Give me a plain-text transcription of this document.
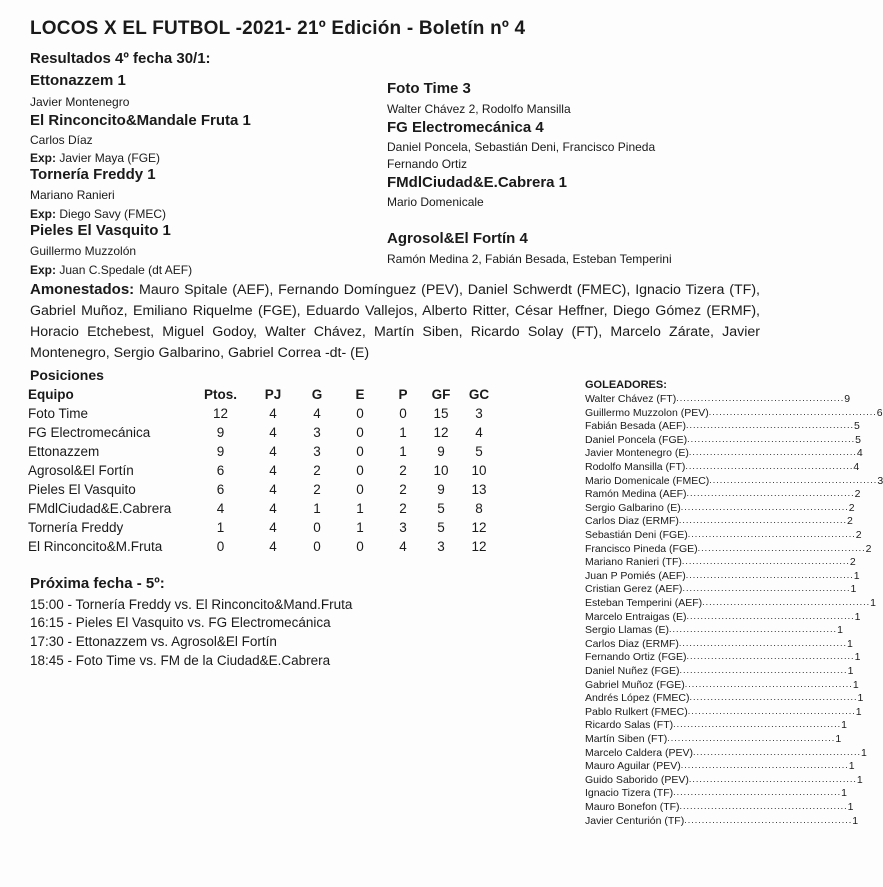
LOCOS X EL FUTBOL -2021- 21º Edición - Boletín nº 4
Resultados 4º fecha 30/1:
Ettonazzem 1
Javier Montenegro
El Rinconcito&Mandale Fruta 1
Carlos Díaz
Exp: Javier Maya (FGE)
Tornería Freddy 1
Mariano Ranieri
Exp: Diego Savy (FMEC)
Pieles El Vasquito 1
Guillermo Muzzolón
Exp: Juan C.Spedale (dt AEF)
Foto Time 3
Walter Chávez 2, Rodolfo Mansilla
FG Electromecánica 4
Daniel Poncela, Sebastián Deni, Francisco Pineda
Fernando Ortiz
FMdlCiudad&E.Cabrera 1
Mario Domenicale
Agrosol&El Fortín 4
Ramón Medina 2, Fabián Besada, Esteban Temperini
Amonestados: Mauro Spitale (AEF), Fernando Domínguez (PEV), Daniel Schwerdt (FMEC), Ignacio Tizera (TF), Gabriel Muñoz, Emiliano Riquelme (FGE), Eduardo Vallejos, Alberto Ritter, César Heffner, Diego Gómez (ERMF), Horacio Etchebest, Miguel Godoy, Walter Chávez, Martín Siben, Ricardo Solay (FT), Marcelo Zárate, Javier Montenegro, Sergio Galbarino, Gabriel Correa -dt- (E)
Posiciones
Equipo	Ptos.	PJ	G	E	P	GF	GC
Foto Time	12	4	4	0	0	15	3
FG Electromecánica	9	4	3	0	1	12	4
Ettonazzem	9	4	3	0	1	9	5
Agrosol&El Fortín	6	4	2	0	2	10	10
Pieles El Vasquito	6	4	2	0	2	9	13
FMdlCiudad&E.Cabrera	4	4	1	1	2	5	8
Tornería Freddy	1	4	0	1	3	5	12
El Rinconcito&M.Fruta	0	4	0	0	4	3	12
Próxima fecha - 5º:
15:00 - Tornería Freddy vs. El Rinconcito&Mand.Fruta
16:15 - Pieles El Vasquito vs. FG Electromecánica
17:30 - Ettonazzem vs. Agrosol&El Fortín
18:45 - Foto Time vs. FM de la Ciudad&E.Cabrera
GOLEADORES:
Walter Chávez (FT) ................................................ 9
Guillermo Muzzolon (PEV) ................................................ 6
Fabián Besada (AEF) ................................................ 5
Daniel Poncela (FGE) ................................................ 5
Javier Montenegro (E) ................................................ 4
Rodolfo Mansilla (FT) ................................................ 4
Mario Domenicale (FMEC) ................................................ 3
Ramón Medina (AEF) ................................................ 2
Sergio Galbarino (E) ................................................ 2
Carlos Diaz (ERMF) ................................................ 2
Sebastián Deni (FGE) ................................................ 2
Francisco Pineda (FGE) ................................................ 2
Mariano Ranieri (TF) ................................................ 2
Juan P Pomiés (AEF) ................................................ 1
Cristian Gerez (AEF) ................................................ 1
Esteban Temperini (AEF) ................................................ 1
Marcelo Entraigas (E) ................................................ 1
Sergio Llamas (E) ................................................ 1
Carlos Diaz (ERMF) ................................................ 1
Fernando Ortiz (FGE) ................................................ 1
Daniel Nuñez (FGE) ................................................ 1
Gabriel Muñoz (FGE) ................................................ 1
Andrés López (FMEC) ................................................ 1
Pablo Rulkert (FMEC) ................................................ 1
Ricardo Salas (FT) ................................................ 1
Martín Siben (FT) ................................................ 1
Marcelo Caldera (PEV) ................................................ 1
Mauro Aguilar (PEV) ................................................ 1
Guido Saborido (PEV) ................................................ 1
Ignacio Tizera (TF) ................................................ 1
Mauro Bonefon (TF) ................................................ 1
Javier Centurión (TF) ................................................ 1
